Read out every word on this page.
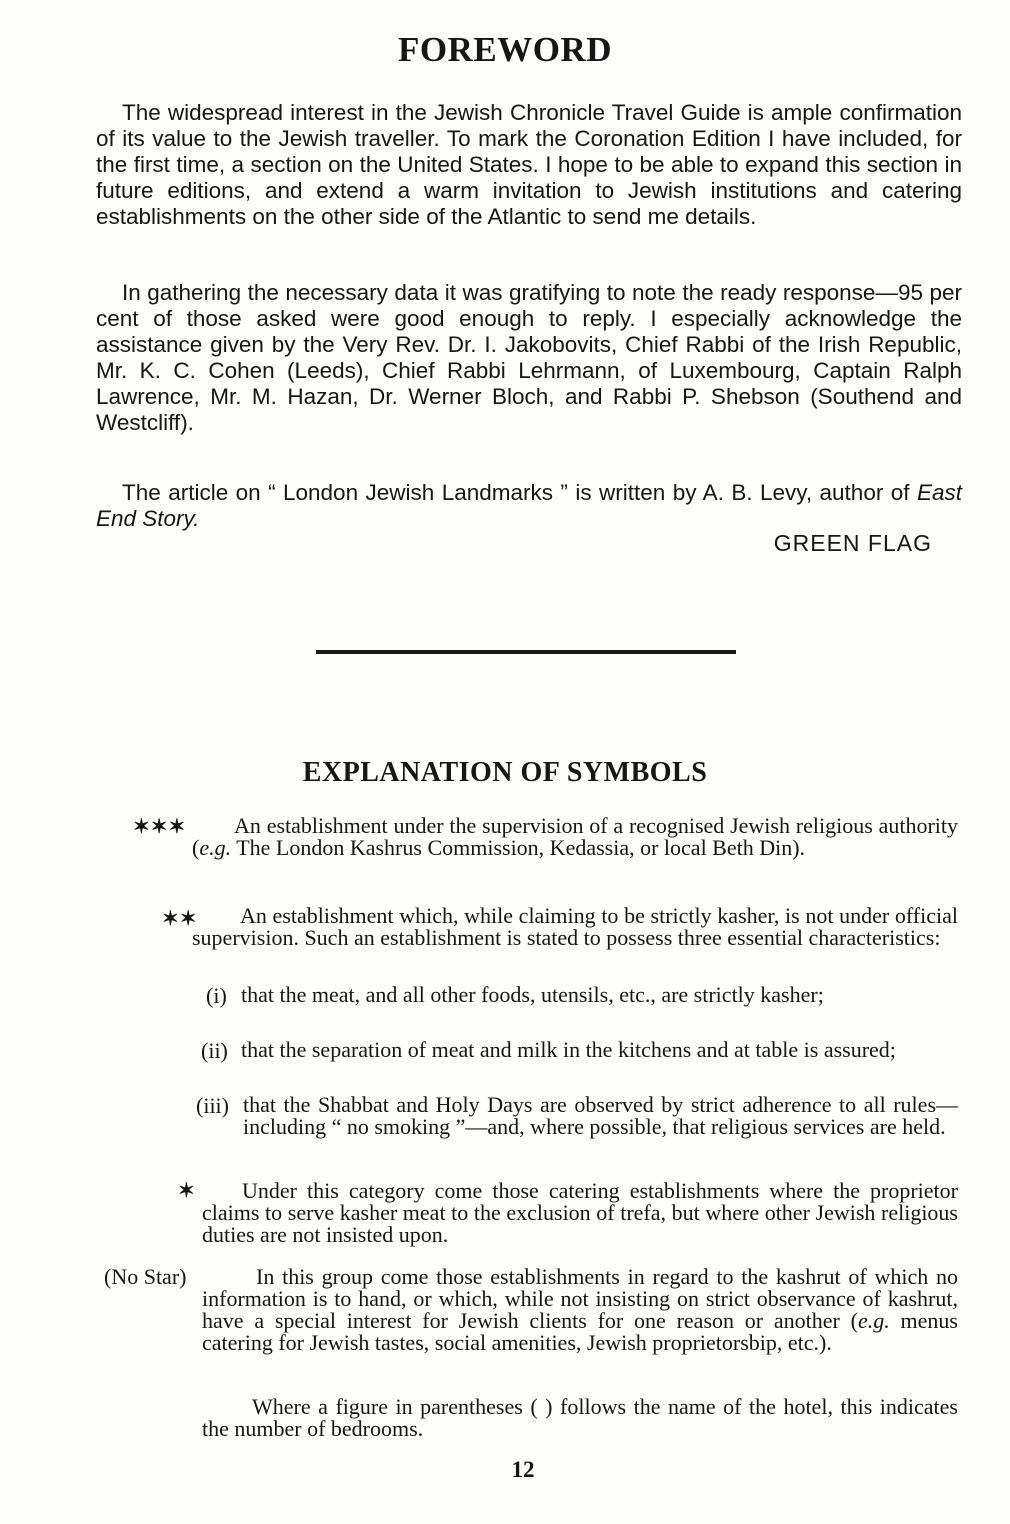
FOREWORD

The widespread interest in the Jewish Chronicle Travel Guide is ample confirmation of its value to the Jewish traveller. To mark the Coronation Edition I have included, for the first time, a section on the United States. I hope to be able to expand this section in future editions, and extend a warm invitation to Jewish institutions and catering establishments on the other side of the Atlantic to send me details.

In gathering the necessary data it was gratifying to note the ready response—95 per cent of those asked were good enough to reply. I especially acknowledge the assistance given by the Very Rev. Dr. I. Jakobovits, Chief Rabbi of the Irish Republic, Mr. K. C. Cohen (Leeds), Chief Rabbi Lehrmann, of Luxembourg, Captain Ralph Lawrence, Mr. M. Hazan, Dr. Werner Bloch, and Rabbi P. Shebson (Southend and Westcliff).

The article on “ London Jewish Landmarks ” is written by A. B. Levy, author of East End Story.

GREEN FLAG

EXPLANATION OF SYMBOLS
✶✶✶	An establishment under the supervision of a recognised Jewish religious authority (e.g. The London Kashrus Commission, Kedassia, or local Beth Din).

✶✶	An establishment which, while claiming to be strictly kasher, is not under official supervision. Such an establishment is stated to possess three essential characteristics:

(i) that the meat, and all other foods, utensils, etc., are strictly kasher;

(ii) that the separation of meat and milk in the kitchens and at table is assured;

(iii) that the Shabbat and Holy Days are observed by strict adherence to all rules—including “ no smoking ”—and, where possible, that religious services are held.

✶	Under this category come those catering establishments where the proprietor claims to serve kasher meat to the exclusion of trefa, but where other Jewish religious duties are not insisted upon.

(No Star)	In this group come those establishments in regard to the kashrut of which no information is to hand, or which, while not insisting on strict observance of kashrut, have a special interest for Jewish clients for one reason or another (e.g. menus catering for Jewish tastes, social amenities, Jewish proprietorsbip, etc.).

Where a figure in parentheses ( ) follows the name of the hotel, this indicates the number of bedrooms.

12
